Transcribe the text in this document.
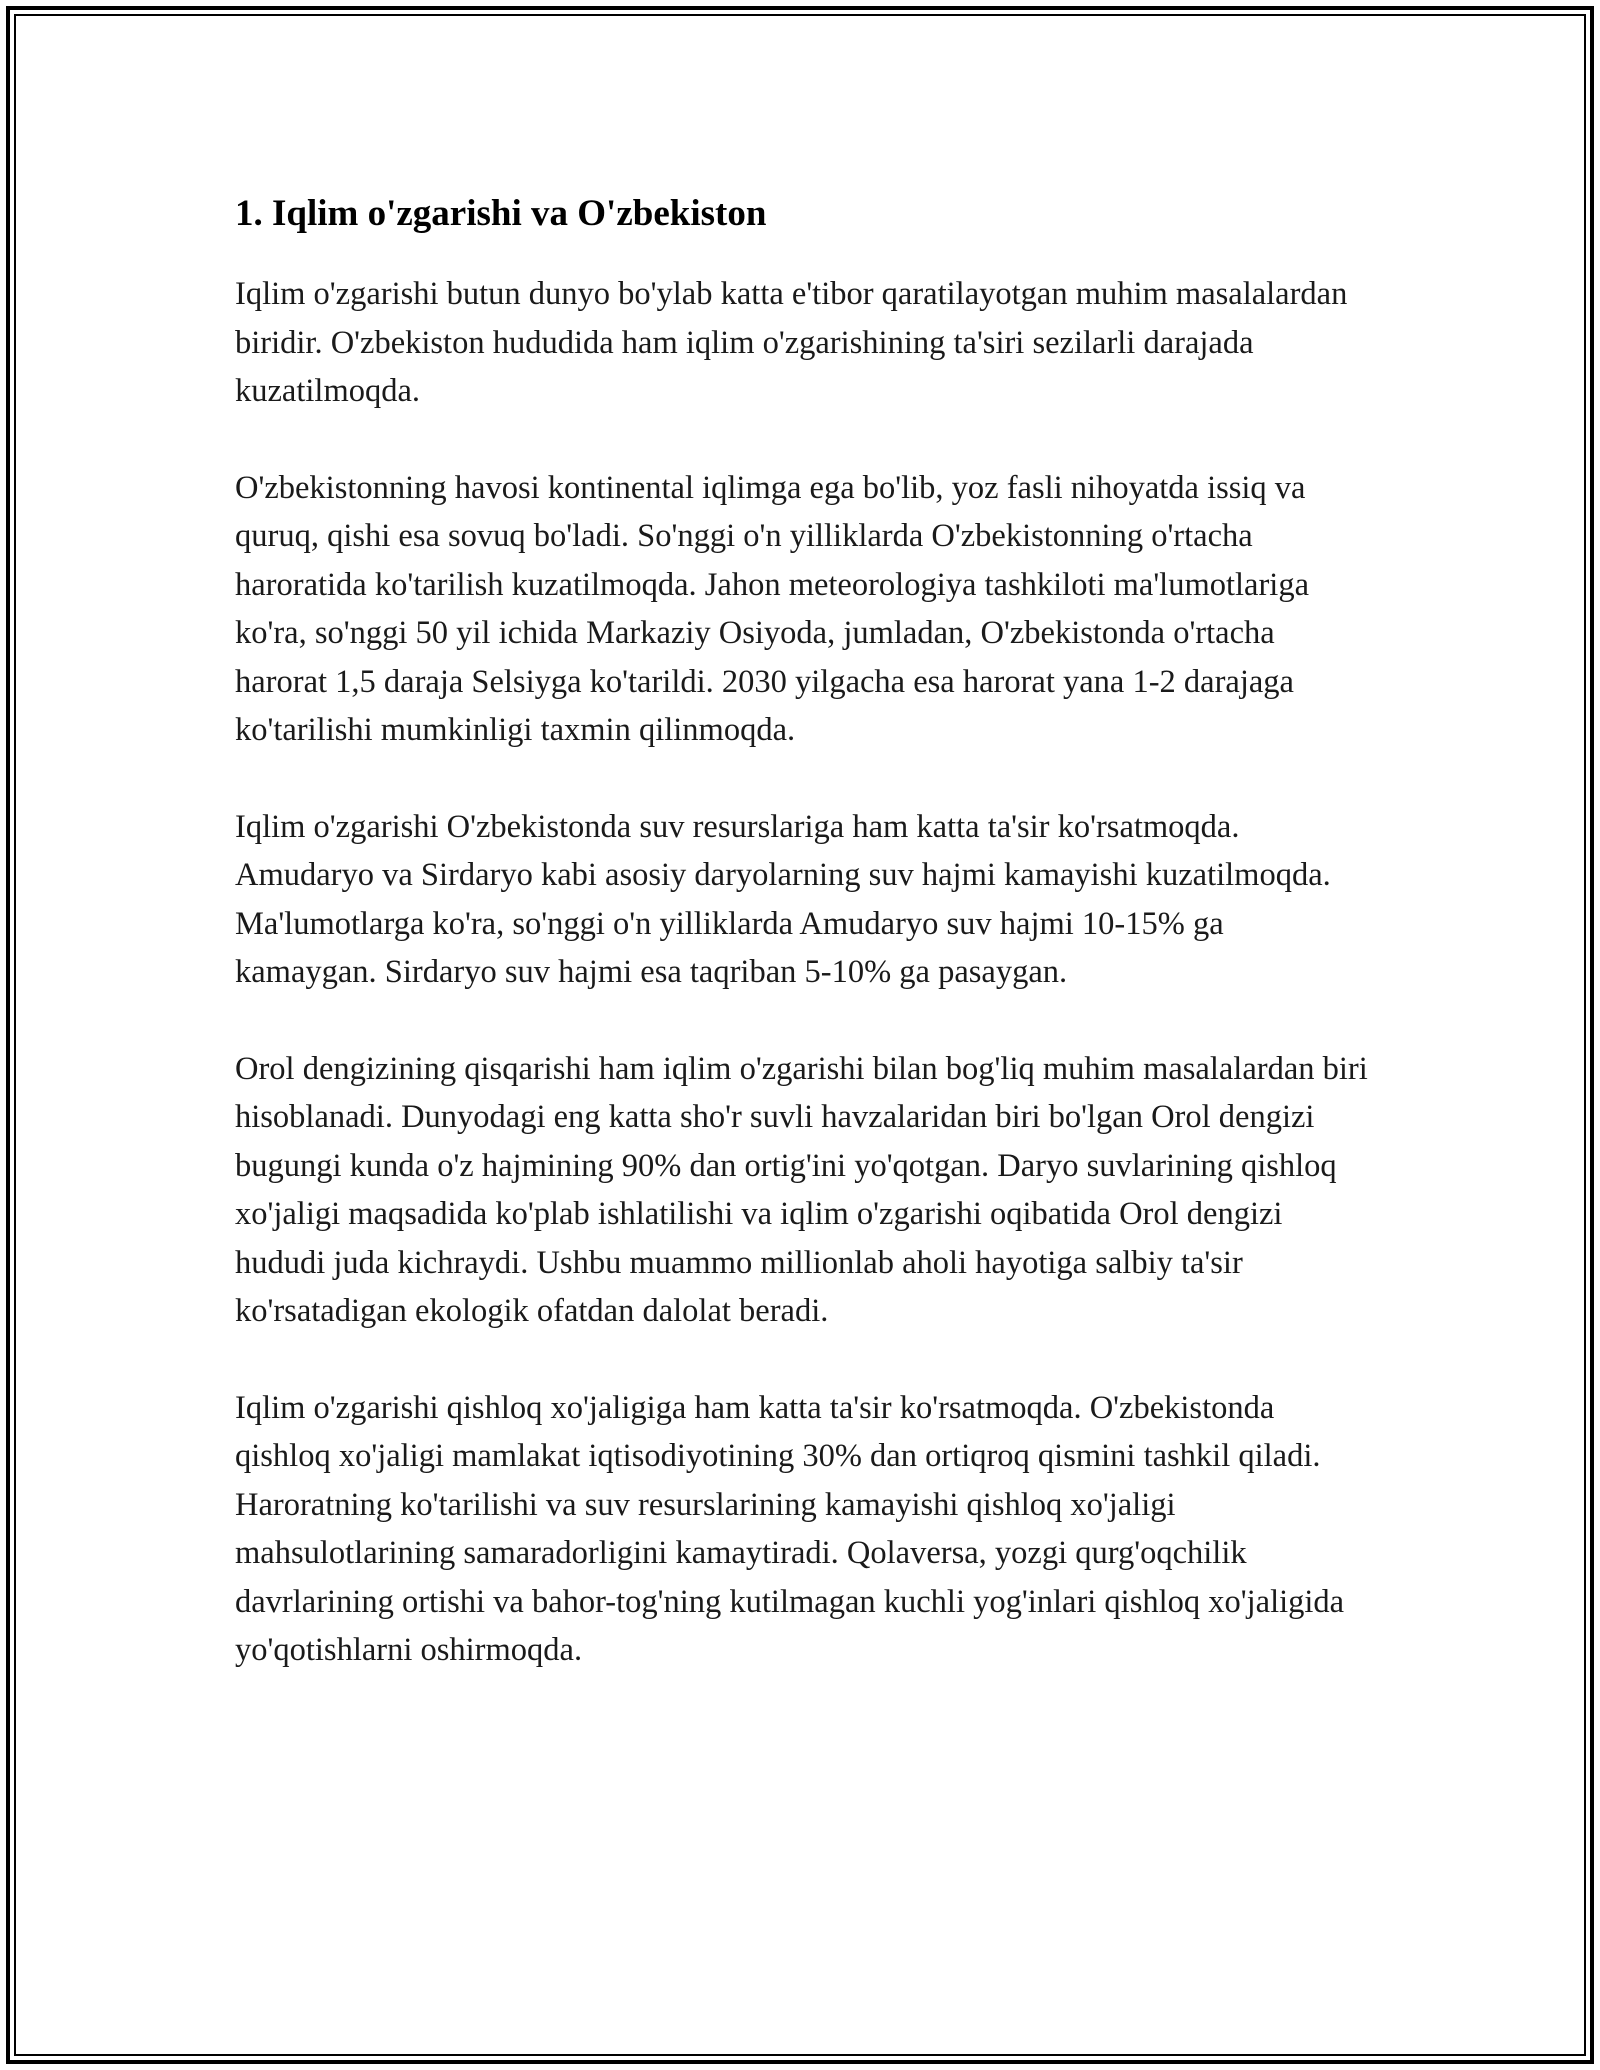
1. Iqlim o'zgarishi va O'zbekiston

Iqlim o'zgarishi butun dunyo bo'ylab katta e'tibor qaratilayotgan muhim masalalardan biridir. O'zbekiston hududida ham iqlim o'zgarishining ta'siri sezilarli darajada kuzatilmoqda.

O'zbekistonning havosi kontinental iqlimga ega bo'lib, yoz fasli nihoyatda issiq va quruq, qishi esa sovuq bo'ladi. So'nggi o'n yilliklarda O'zbekistonning o'rtacha haroratida ko'tarilish kuzatilmoqda. Jahon meteorologiya tashkiloti ma'lumotlariga ko'ra, so'nggi 50 yil ichida Markaziy Osiyoda, jumladan, O'zbekistonda o'rtacha harorat 1,5 daraja Selsiyga ko'tarildi. 2030 yilgacha esa harorat yana 1-2 darajaga ko'tarilishi mumkinligi taxmin qilinmoqda.

Iqlim o'zgarishi O'zbekistonda suv resurslariga ham katta ta'sir ko'rsatmoqda. Amudaryo va Sirdaryo kabi asosiy daryolarning suv hajmi kamayishi kuzatilmoqda. Ma'lumotlarga ko'ra, so'nggi o'n yilliklarda Amudaryo suv hajmi 10-15% ga kamaygan. Sirdaryo suv hajmi esa taqriban 5-10% ga pasaygan.

Orol dengizining qisqarishi ham iqlim o'zgarishi bilan bog'liq muhim masalalardan biri hisoblanadi. Dunyodagi eng katta sho'r suvli havzalaridan biri bo'lgan Orol dengizi bugungi kunda o'z hajmining 90% dan ortig'ini yo'qotgan. Daryo suvlarining qishloq xo'jaligi maqsadida ko'plab ishlatilishi va iqlim o'zgarishi oqibatida Orol dengizi hududi juda kichraydi. Ushbu muammo millionlab aholi hayotiga salbiy ta'sir ko'rsatadigan ekologik ofatdan dalolat beradi.

Iqlim o'zgarishi qishloq xo'jaligiga ham katta ta'sir ko'rsatmoqda. O'zbekistonda qishloq xo'jaligi mamlakat iqtisodiyotining 30% dan ortiqroq qismini tashkil qiladi. Haroratning ko'tarilishi va suv resurslarining kamayishi qishloq xo'jaligi mahsulotlarining samaradorligini kamaytiradi. Qolaversa, yozgi qurg'oqchilik davrlarining ortishi va bahor-tog'ning kutilmagan kuchli yog'inlari qishloq xo'jaligida yo'qotishlarni oshirmoqda.
